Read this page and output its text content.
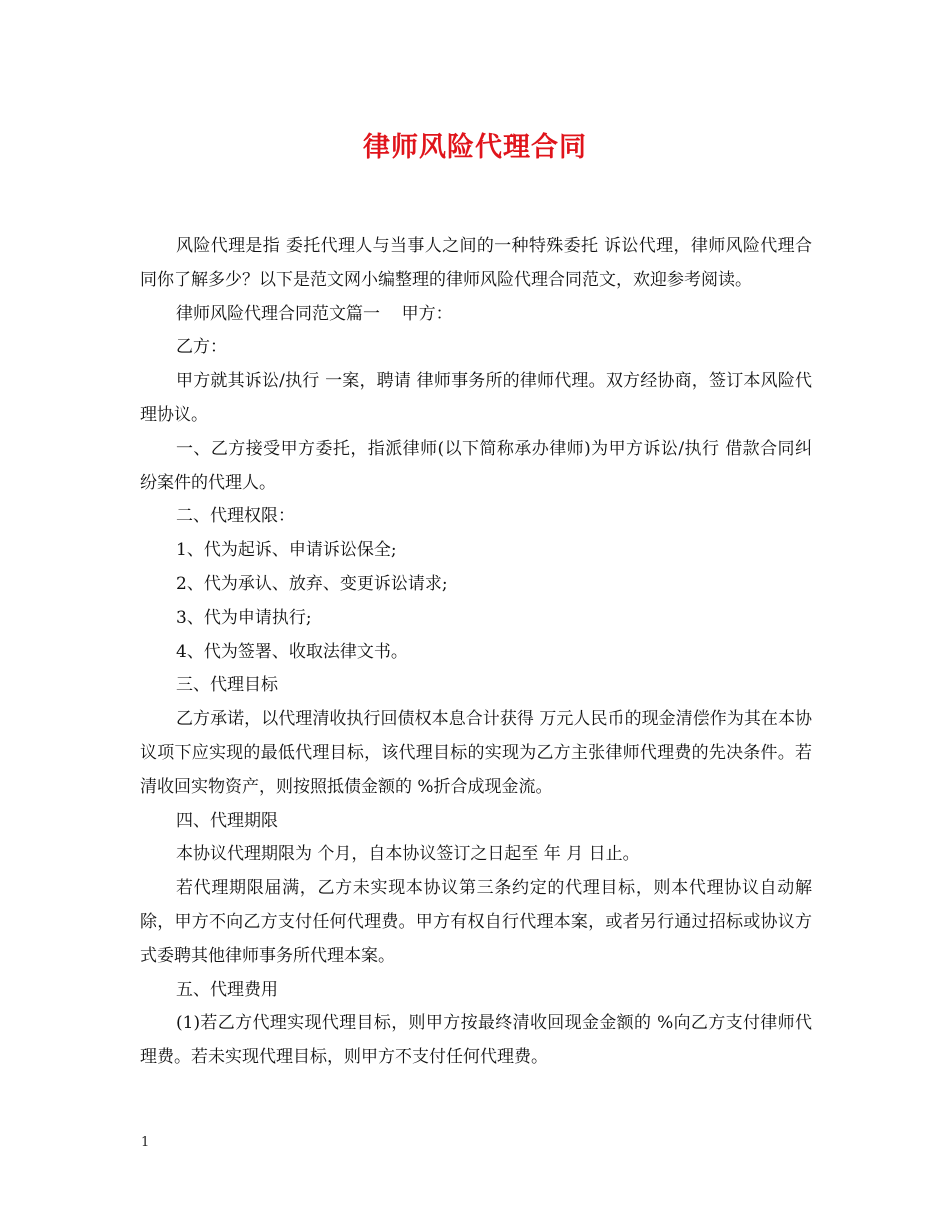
律师风险代理合同

风险代理是指 委托代理人与当事人之间的一种特殊委托 诉讼代理，律师风险代理合同你了解多少？以下是范文网小编整理的律师风险代理合同范文，欢迎参考阅读。

律师风险代理合同范文篇一    甲方：

乙方：

甲方就其诉讼/执行 一案，聘请 律师事务所的律师代理。双方经协商，签订本风险代理协议。

一、乙方接受甲方委托，指派律师(以下简称承办律师)为甲方诉讼/执行 借款合同纠纷案件的代理人。

二、代理权限：

1、代为起诉、申请诉讼保全;

2、代为承认、放弃、变更诉讼请求;

3、代为申请执行;

4、代为签署、收取法律文书。

三、代理目标

乙方承诺，以代理清收执行回债权本息合计获得 万元人民币的现金清偿作为其在本协议项下应实现的最低代理目标，该代理目标的实现为乙方主张律师代理费的先决条件。若清收回实物资产，则按照抵债金额的 %折合成现金流。

四、代理期限

本协议代理期限为 个月，自本协议签订之日起至 年 月 日止。

若代理期限届满，乙方未实现本协议第三条约定的代理目标，则本代理协议自动解除，甲方不向乙方支付任何代理费。甲方有权自行代理本案，或者另行通过招标或协议方式委聘其他律师事务所代理本案。

五、代理费用

(1)若乙方代理实现代理目标，则甲方按最终清收回现金金额的 %向乙方支付律师代理费。若未实现代理目标，则甲方不支付任何代理费。

1
